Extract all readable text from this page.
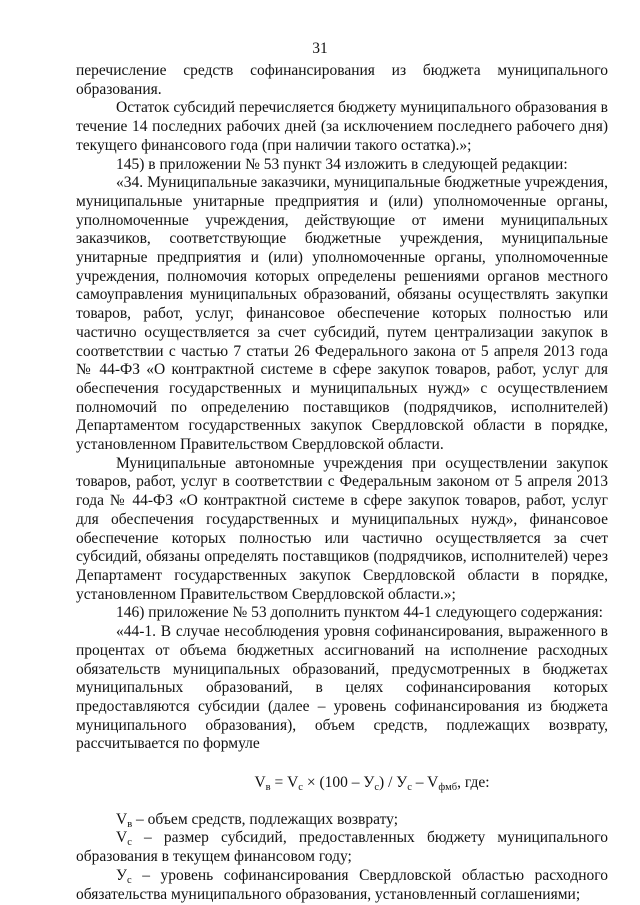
31

перечисление средств софинансирования из бюджета муниципального образования.

Остаток субсидий перечисляется бюджету муниципального образования в течение 14 последних рабочих дней (за исключением последнего рабочего дня) текущего финансового года (при наличии такого остатка).»;

145) в приложении № 53 пункт 34 изложить в следующей редакции:

«34. Муниципальные заказчики, муниципальные бюджетные учреждения, муниципальные унитарные предприятия и (или) уполномоченные органы, уполномоченные учреждения, действующие от имени муниципальных заказчиков, соответствующие бюджетные учреждения, муниципальные унитарные предприятия и (или) уполномоченные органы, уполномоченные учреждения, полномочия которых определены решениями органов местного самоуправления муниципальных образований, обязаны осуществлять закупки товаров, работ, услуг, финансовое обеспечение которых полностью или частично осуществляется за счет субсидий, путем централизации закупок в соответствии с частью 7 статьи 26 Федерального закона от 5 апреля 2013 года № 44-ФЗ «О контрактной системе в сфере закупок товаров, работ, услуг для обеспечения государственных и муниципальных нужд» с осуществлением полномочий по определению поставщиков (подрядчиков, исполнителей) Департаментом государственных закупок Свердловской области в порядке, установленном Правительством Свердловской области.

Муниципальные автономные учреждения при осуществлении закупок товаров, работ, услуг в соответствии с Федеральным законом от 5 апреля 2013 года № 44-ФЗ «О контрактной системе в сфере закупок товаров, работ, услуг для обеспечения государственных и муниципальных нужд», финансовое обеспечение которых полностью или частично осуществляется за счет субсидий, обязаны определять поставщиков (подрядчиков, исполнителей) через Департамент государственных закупок Свердловской области в порядке, установленном Правительством Свердловской области.»;

146) приложение № 53 дополнить пунктом 44-1 следующего содержания:

«44-1. В случае несоблюдения уровня софинансирования, выраженного в процентах от объема бюджетных ассигнований на исполнение расходных обязательств муниципальных образований, предусмотренных в бюджетах муниципальных образований, в целях софинансирования которых предоставляются субсидии (далее – уровень софинансирования из бюджета муниципального образования), объем средств, подлежащих возврату, рассчитывается по формуле

$V_в = V_c \times (100 - У_c) / У_c - V_{фмб}$, где:

$V_в$ – объем средств, подлежащих возврату;

$V_c$ – размер субсидий, предоставленных бюджету муниципального образования в текущем финансовом году;

$У_c$ – уровень софинансирования Свердловской областью расходного обязательства муниципального образования, установленный соглашениями;
